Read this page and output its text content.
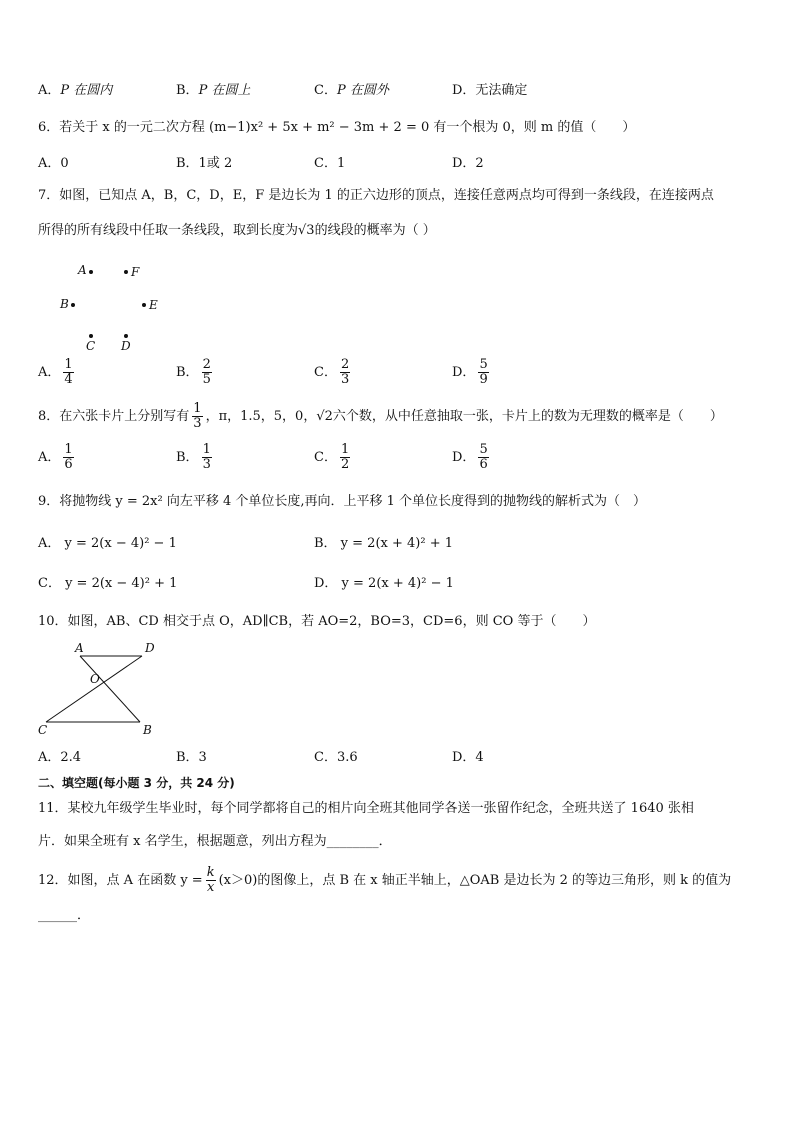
A．P 在圆内	B．P 在圆上	C．P 在圆外	D．无法确定
6．若关于 x 的一元二次方程 (m−1)x² + 5x + m² − 3m + 2 = 0 有一个根为 0，则 m 的值（　　）
A．0	B．1或 2	C．1	D．2
7．如图，已知点 A，B，C，D，E，F 是边长为 1 的正六边形的顶点，连接任意两点均可得到一条线段，在连接两点
所得的所有线段中任取一条线段，取到长度为√3的线段的概率为（ ）
A	F
B	E
C D
A． $\frac{1}{4}$	B． $\frac{2}{5}$	C． $\frac{2}{3}$	D． $\frac{5}{9}$
8．在六张卡片上分别写有 $\frac{1}{3}$ ，π，1.5，5，0，√2六个数，从中任意抽取一张，卡片上的数为无理数的概率是（　　）
A． $\frac{1}{6}$	B． $\frac{1}{3}$	C． $\frac{1}{2}$	D． $\frac{5}{6}$
9．将抛物线 y = 2x² 向左平移 4 个单位长度,再向．上平移 1 个单位长度得到的抛物线的解析式为（　）
A． y = 2(x − 4)² − 1	B． y = 2(x + 4)² + 1
C． y = 2(x − 4)² + 1	D． y = 2(x + 4)² − 1
10．如图，AB、CD 相交于点 O，AD∥CB，若 AO=2，BO=3，CD=6，则 CO 等于（　　）
A	D
O
C	B
A．2.4	B．3	C．3.6	D．4
二、填空题(每小题 3 分，共 24 分)
11．某校九年级学生毕业时，每个同学都将自己的相片向全班其他同学各送一张留作纪念，全班共送了 1640 张相
片．如果全班有 x 名学生，根据题意，列出方程为________．
12．如图，点 A 在函数 $y = \frac{k}{x} (x>0)$的图像上，点 B 在 x 轴正半轴上，△OAB 是边长为 2 的等边三角形，则 k 的值为
______．
